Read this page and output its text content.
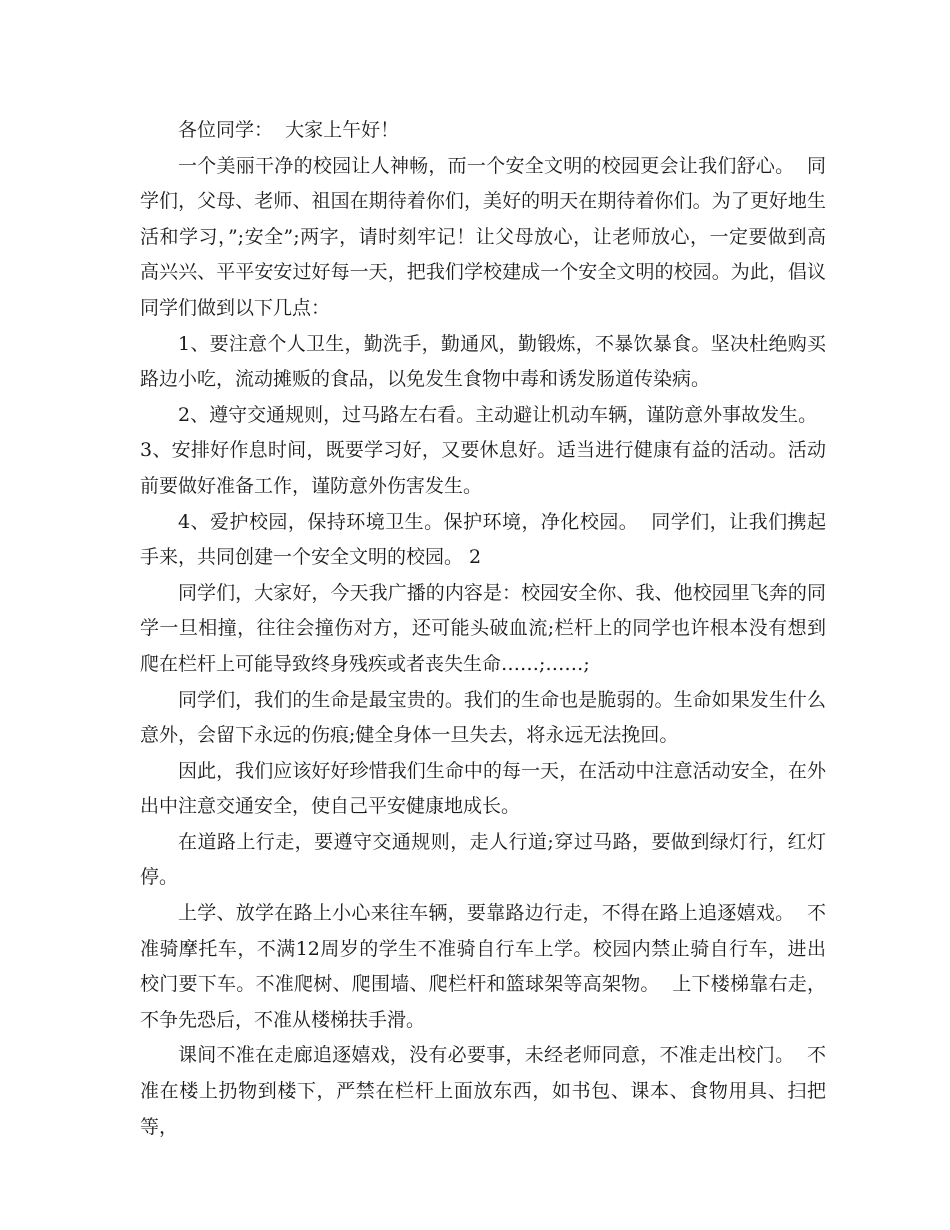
各位同学：  大家上午好！

一个美丽干净的校园让人神畅，而一个安全文明的校园更会让我们舒心。  同学们，父母、老师、祖国在期待着你们，美好的明天在期待着你们。为了更好地生活和学习，”;安全”;两字，请时刻牢记！让父母放心，让老师放心，一定要做到高高兴兴、平平安安过好每一天，把我们学校建成一个安全文明的校园。为此，倡议同学们做到以下几点：

1、要注意个人卫生，勤洗手，勤通风，勤锻炼，不暴饮暴食。坚决杜绝购买路边小吃，流动摊贩的食品，以免发生食物中毒和诱发肠道传染病。

2、遵守交通规则，过马路左右看。主动避让机动车辆，谨防意外事故发生。

3、安排好作息时间，既要学习好，又要休息好。适当进行健康有益的活动。活动前要做好准备工作，谨防意外伤害发生。

4、爱护校园，保持环境卫生。保护环境，净化校园。  同学们，让我们携起手来，共同创建一个安全文明的校园。 2

同学们，大家好，今天我广播的内容是：校园安全你、我、他校园里飞奔的同学一旦相撞，往往会撞伤对方，还可能头破血流;栏杆上的同学也许根本没有想到爬在栏杆上可能导致终身残疾或者丧失生命……;……;

同学们，我们的生命是最宝贵的。我们的生命也是脆弱的。生命如果发生什么意外，会留下永远的伤痕;健全身体一旦失去，将永远无法挽回。

因此，我们应该好好珍惜我们生命中的每一天，在活动中注意活动安全，在外出中注意交通安全，使自己平安健康地成长。

在道路上行走，要遵守交通规则，走人行道;穿过马路，要做到绿灯行，红灯停。

上学、放学在路上小心来往车辆，要靠路边行走，不得在路上追逐嬉戏。  不准骑摩托车，不满12周岁的学生不准骑自行车上学。校园内禁止骑自行车，进出校门要下车。不准爬树、爬围墙、爬栏杆和篮球架等高架物。  上下楼梯靠右走，不争先恐后，不准从楼梯扶手滑。

课间不准在走廊追逐嬉戏，没有必要事，未经老师同意，不准走出校门。  不准在楼上扔物到楼下，严禁在栏杆上面放东西，如书包、课本、食物用具、扫把等，
